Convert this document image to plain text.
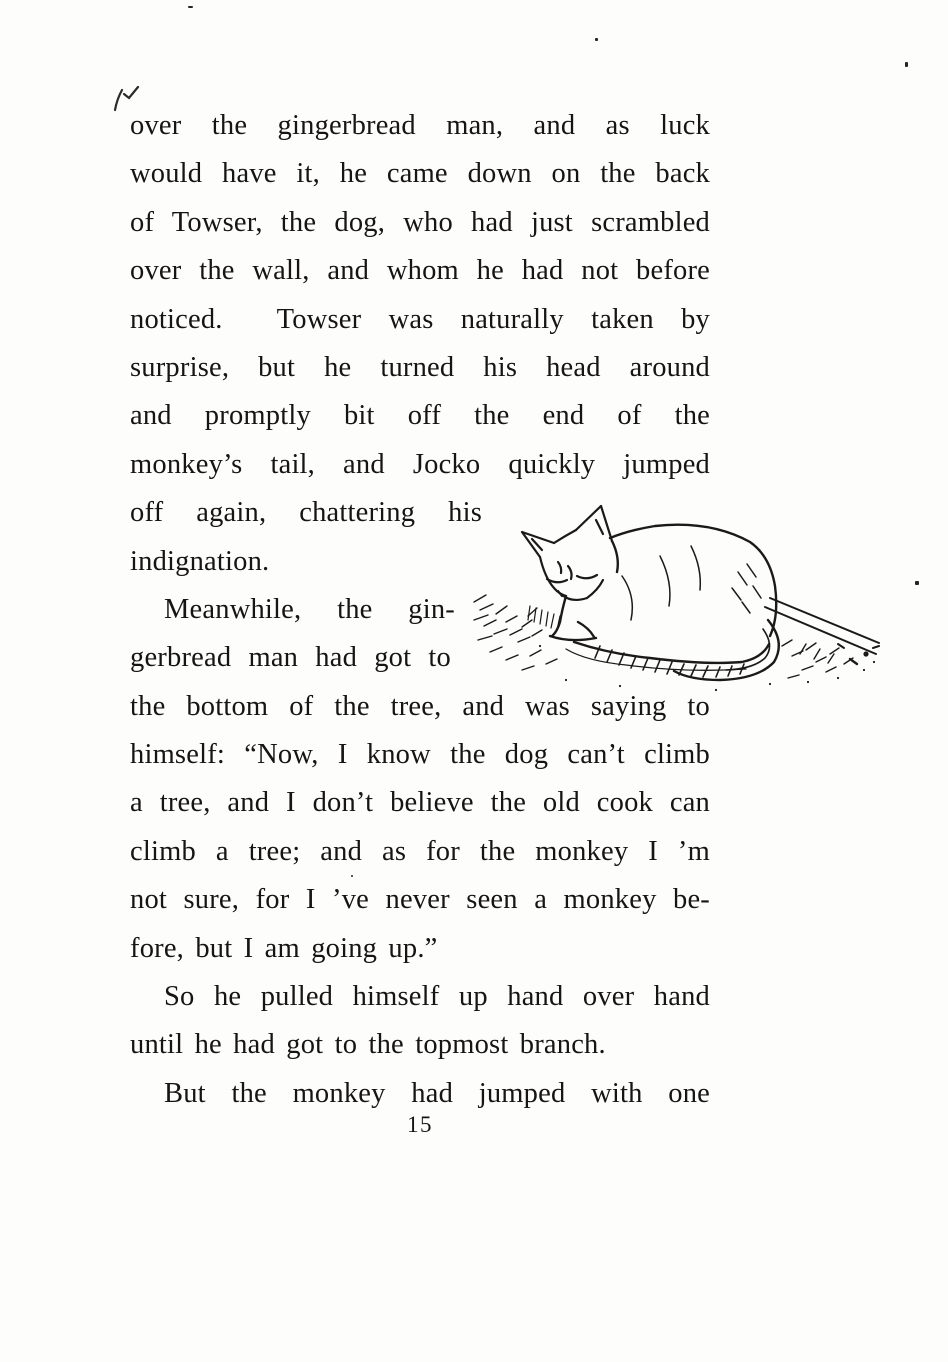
over the gingerbread man, and as luck
would have it, he came down on the back
of Towser, the dog, who had just scrambled
over the wall, and whom he had not before
noticed.  Towser was naturally taken by
surprise, but he turned his head around
and promptly bit off the end of the
monkey’s tail, and Jocko quickly jumped
off again, chattering his
indignation.
Meanwhile, the gin-
gerbread man had got to
the bottom of the tree, and was saying to
himself: “Now, I know the dog can’t climb
a tree, and I don’t believe the old cook can
climb a tree; and as for the monkey I ’m
not sure, for I ’ve never seen a monkey be-
fore, but I am going up.”
So he pulled himself up hand over hand
until he had got to the topmost branch.
But the monkey had jumped with one
15
